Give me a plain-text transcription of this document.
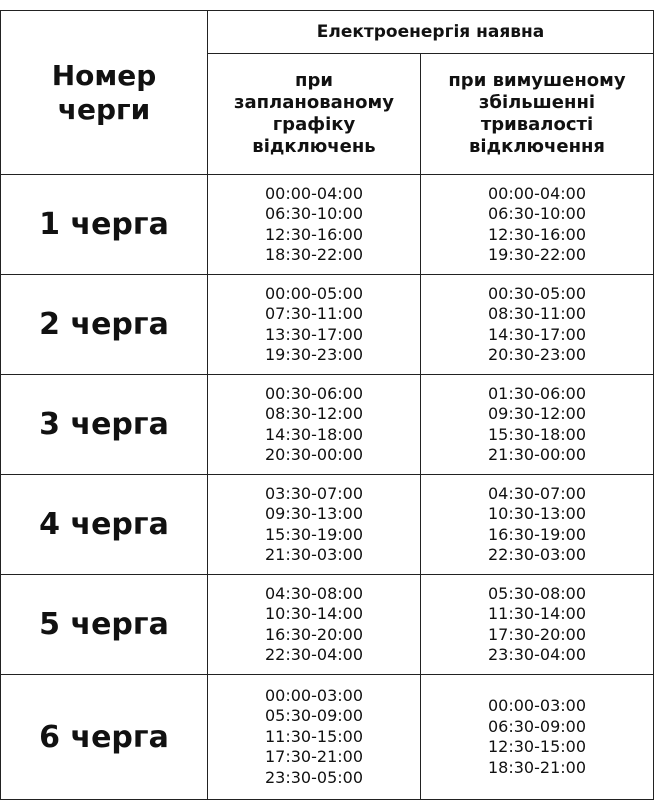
Номер
черги	Електроенергія наявна	

	при
запланованому
графіку
відключень	при вимушеному
збільшенні
тривалості
відключення

1 черга	00:00-04:00
06:30-10:00
12:30-16:00
18:30-22:00	00:00-04:00
06:30-10:00
12:30-16:00
19:30-22:00

2 черга	00:00-05:00
07:30-11:00
13:30-17:00
19:30-23:00	00:30-05:00
08:30-11:00
14:30-17:00
20:30-23:00

3 черга	00:30-06:00
08:30-12:00
14:30-18:00
20:30-00:00	01:30-06:00
09:30-12:00
15:30-18:00
21:30-00:00

4 черга	03:30-07:00
09:30-13:00
15:30-19:00
21:30-03:00	04:30-07:00
10:30-13:00
16:30-19:00
22:30-03:00

5 черга	04:30-08:00
10:30-14:00
16:30-20:00
22:30-04:00	05:30-08:00
11:30-14:00
17:30-20:00
23:30-04:00

6 черга	00:00-03:00
05:30-09:00
11:30-15:00
17:30-21:00
23:30-05:00	00:00-03:00
06:30-09:00
12:30-15:00
18:30-21:00
